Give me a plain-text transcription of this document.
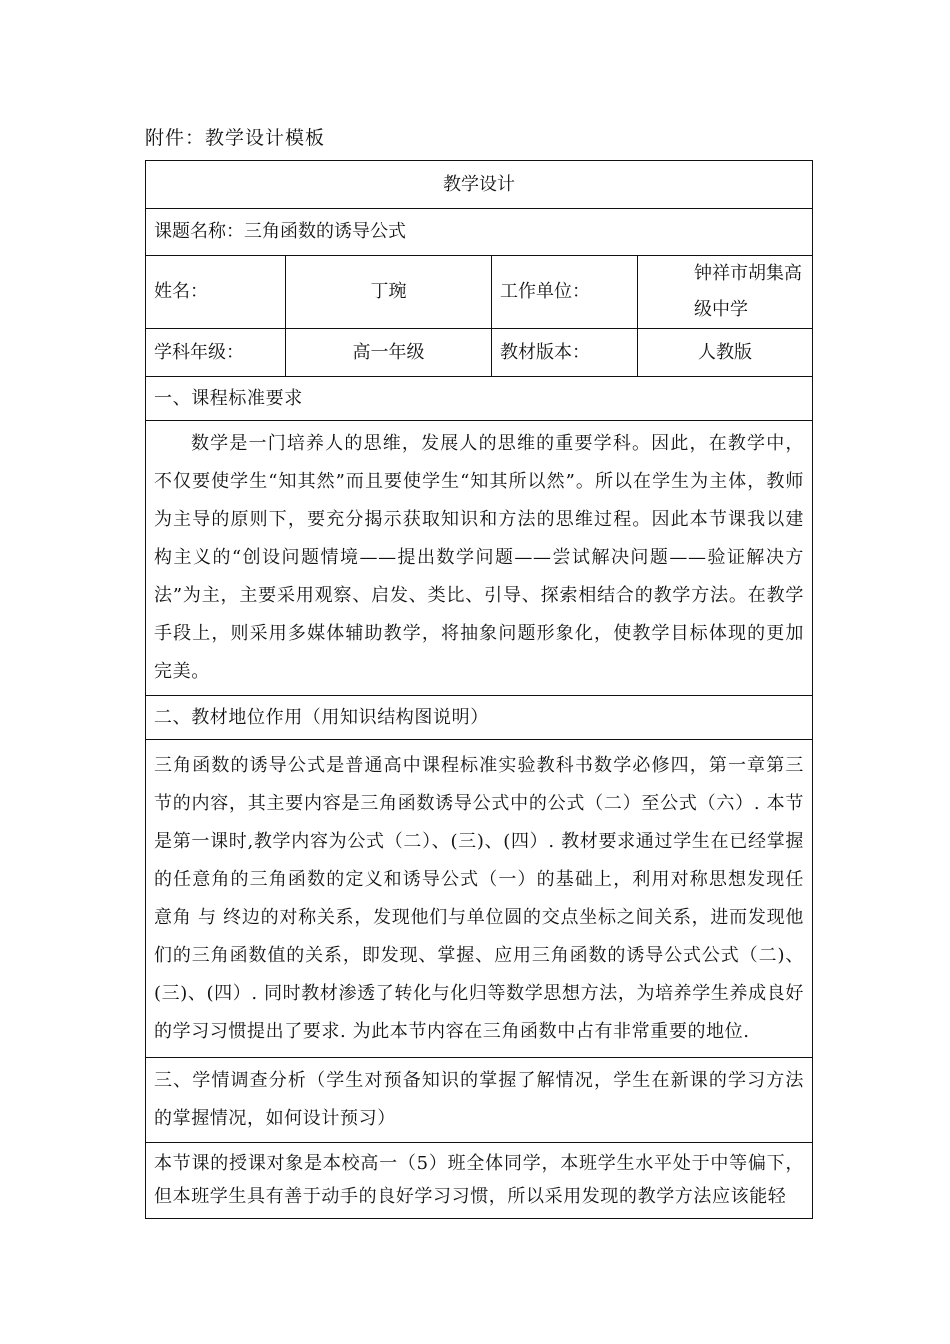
附件：教学设计模板
教学设计			
课题名称：三角函数的诱导公式			
姓名：	丁琬	工作单位：	钟祥市胡集高级中学
学科年级：	高一年级	教材版本：	人教版
一、课程标准要求			
数学是一门培养人的思维，发展人的思维的重要学科。因此，在教学中，不仅要使学生“知其然”而且要使学生“知其所以然”。所以在学生为主体，教师为主导的原则下，要充分揭示获取知识和方法的思维过程。因此本节课我以建构主义的“创设问题情境——提出数学问题——尝试解决问题——验证解决方法”为主，主要采用观察、启发、类比、引导、探索相结合的教学方法。在教学手段上，则采用多媒体辅助教学，将抽象问题形象化，使教学目标体现的更加完美。			
二、教材地位作用（用知识结构图说明）			
三角函数的诱导公式是普通高中课程标准实验教科书数学必修四，第一章第三节的内容，其主要内容是三角函数诱导公式中的公式（二）至公式（六）. 本节是第一课时,教学内容为公式（二）、(三)、(四）. 教材要求通过学生在已经掌握的任意角的三角函数的定义和诱导公式（一）的基础上，利用对称思想发现任意角 与 终边的对称关系，发现他们与单位圆的交点坐标之间关系，进而发现他们的三角函数值的关系，即发现、掌握、应用三角函数的诱导公式公式（二)、(三)、(四）. 同时教材渗透了转化与化归等数学思想方法，为培养学生养成良好的学习习惯提出了要求. 为此本节内容在三角函数中占有非常重要的地位.			
三、学情调查分析（学生对预备知识的掌握了解情况，学生在新课的学习方法的掌握情况，如何设计预习）			

本节课的授课对象是本校高一（5）班全体同学，本班学生水平处于中等偏下，但本班学生具有善于动手的良好学习习惯，所以采用发现的教学方法应该能轻			
